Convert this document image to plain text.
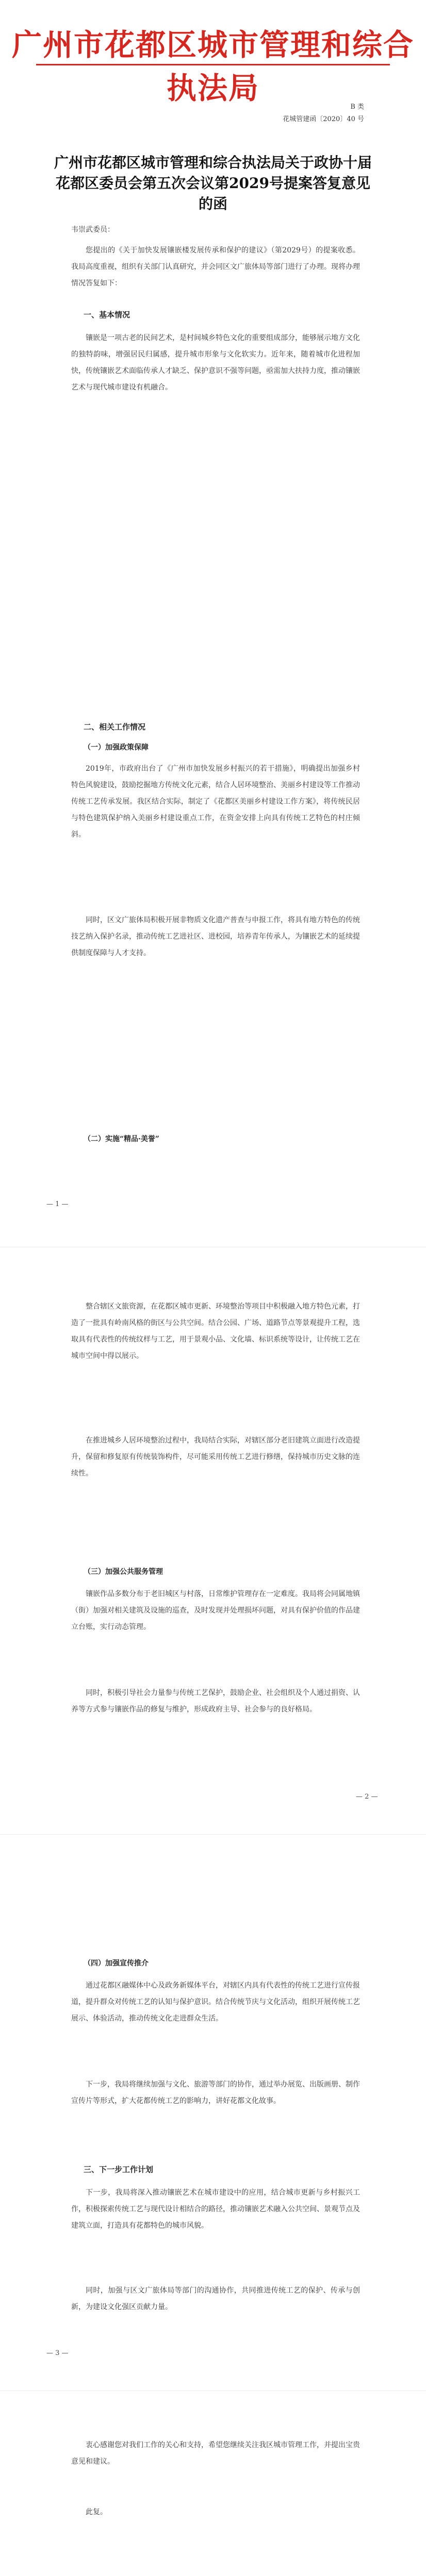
广州市花都区城市管理和综合执法局
B 类
花城管建函〔2020〕40 号
广州市花都区城市管理和综合执法局关于政协十届花都区委员会第五次会议第2029号提案答复意见的函
韦崇武委员：
您提出的《关于加快发展镶嵌楼发展传承和保护的建议》（第2029号）的提案收悉。我局高度重视，组织有关部门认真研究，并会同区文广旅体局等部门进行了办理。现将办理情况答复如下：
一、基本情况
镶嵌是一项古老的民间艺术，是村间城乡特色文化的重要组成部分，能够展示地方文化的独特韵味，增强居民归属感，提升城市形象与文化软实力。近年来，随着城市化进程加快，传统镶嵌艺术面临传承人才缺乏、保护意识不强等问题，亟需加大扶持力度，推动镶嵌艺术与现代城市建设有机融合。
二、相关工作情况
（一）加强政策保障
2019年，市政府出台了《广州市加快发展乡村振兴的若干措施》，明确提出加强乡村特色风貌建设，鼓励挖掘地方传统文化元素，结合人居环境整治、美丽乡村建设等工作推动传统工艺传承发展。我区结合实际，制定了《花都区美丽乡村建设工作方案》，将传统民居与特色建筑保护纳入美丽乡村建设重点工作，在资金安排上向具有传统工艺特色的村庄倾斜。
同时，区文广旅体局积极开展非物质文化遗产普查与申报工作，将具有地方特色的传统技艺纳入保护名录，推动传统工艺进社区、进校园，培养青年传承人，为镶嵌艺术的延续提供制度保障与人才支持。
（二）实施“精品·美誉”
— 1 —
整合辖区文旅资源，在花都区城市更新、环境整治等项目中积极融入地方特色元素，打造了一批具有岭南风格的街区与公共空间。结合公园、广场、道路节点等景观提升工程，选取具有代表性的传统纹样与工艺，用于景观小品、文化墙、标识系统等设计，让传统工艺在城市空间中得以展示。
在推进城乡人居环境整治过程中，我局结合实际，对辖区部分老旧建筑立面进行改造提升，保留和修复原有传统装饰构件，尽可能采用传统工艺进行修缮，保持城市历史文脉的连续性。
（三）加强公共服务管理
镶嵌作品多数分布于老旧城区与村落，日常维护管理存在一定难度。我局将会同属地镇（街）加强对相关建筑及设施的巡查，及时发现并处理损坏问题，对具有保护价值的作品建立台账，实行动态管理。
同时，积极引导社会力量参与传统工艺保护，鼓励企业、社会组织及个人通过捐资、认养等方式参与镶嵌作品的修复与维护，形成政府主导、社会参与的良好格局。
— 2 —
（四）加强宣传推介
通过花都区融媒体中心及政务新媒体平台，对辖区内具有代表性的传统工艺进行宣传报道，提升群众对传统工艺的认知与保护意识。结合传统节庆与文化活动，组织开展传统工艺展示、体验活动，推动传统文化走进群众生活。
下一步，我局将继续加强与文化、旅游等部门的协作，通过举办展览、出版画册、制作宣传片等形式，扩大花都传统工艺的影响力，讲好花都文化故事。
三、下一步工作计划
下一步，我局将深入推动镶嵌艺术在城市建设中的应用，结合城市更新与乡村振兴工作，积极探索传统工艺与现代设计相结合的路径，推动镶嵌艺术融入公共空间、景观节点及建筑立面，打造具有花都特色的城市风貌。
同时，加强与区文广旅体局等部门的沟通协作，共同推进传统工艺的保护、传承与创新，为建设文化强区贡献力量。
— 3 —
衷心感谢您对我们工作的关心和支持，希望您继续关注我区城市管理工作，并提出宝贵意见和建议。
此复。
